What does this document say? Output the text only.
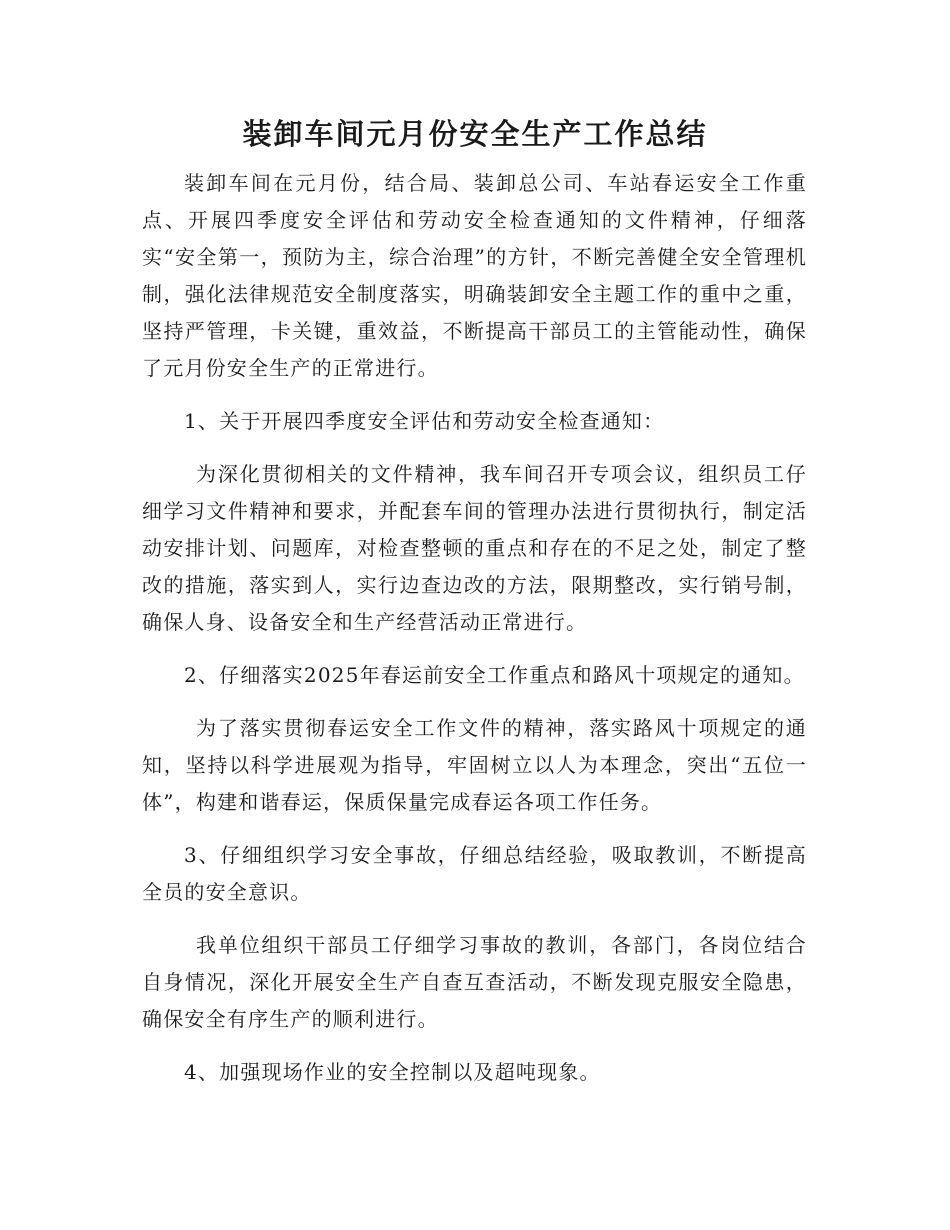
装卸车间元月份安全生产工作总结

装卸车间在元月份，结合局、装卸总公司、车站春运安全工作重点、开展四季度安全评估和劳动安全检查通知的文件精神，仔细落实“安全第一，预防为主，综合治理”的方针，不断完善健全安全管理机制，强化法律规范安全制度落实，明确装卸安全主题工作的重中之重，坚持严管理，卡关键，重效益，不断提高干部员工的主管能动性，确保了元月份安全生产的正常进行。

1、关于开展四季度安全评估和劳动安全检查通知：

为深化贯彻相关的文件精神，我车间召开专项会议，组织员工仔细学习文件精神和要求，并配套车间的管理办法进行贯彻执行，制定活动安排计划、问题库，对检查整顿的重点和存在的不足之处，制定了整改的措施，落实到人，实行边查边改的方法，限期整改，实行销号制，确保人身、设备安全和生产经营活动正常进行。

2、仔细落实2025年春运前安全工作重点和路风十项规定的通知。

为了落实贯彻春运安全工作文件的精神，落实路风十项规定的通知，坚持以科学进展观为指导，牢固树立以人为本理念，突出“五位一体”，构建和谐春运，保质保量完成春运各项工作任务。

3、仔细组织学习安全事故，仔细总结经验，吸取教训，不断提高全员的安全意识。

我单位组织干部员工仔细学习事故的教训，各部门，各岗位结合自身情况，深化开展安全生产自查互查活动，不断发现克服安全隐患，确保安全有序生产的顺利进行。

4、加强现场作业的安全控制以及超吨现象。
